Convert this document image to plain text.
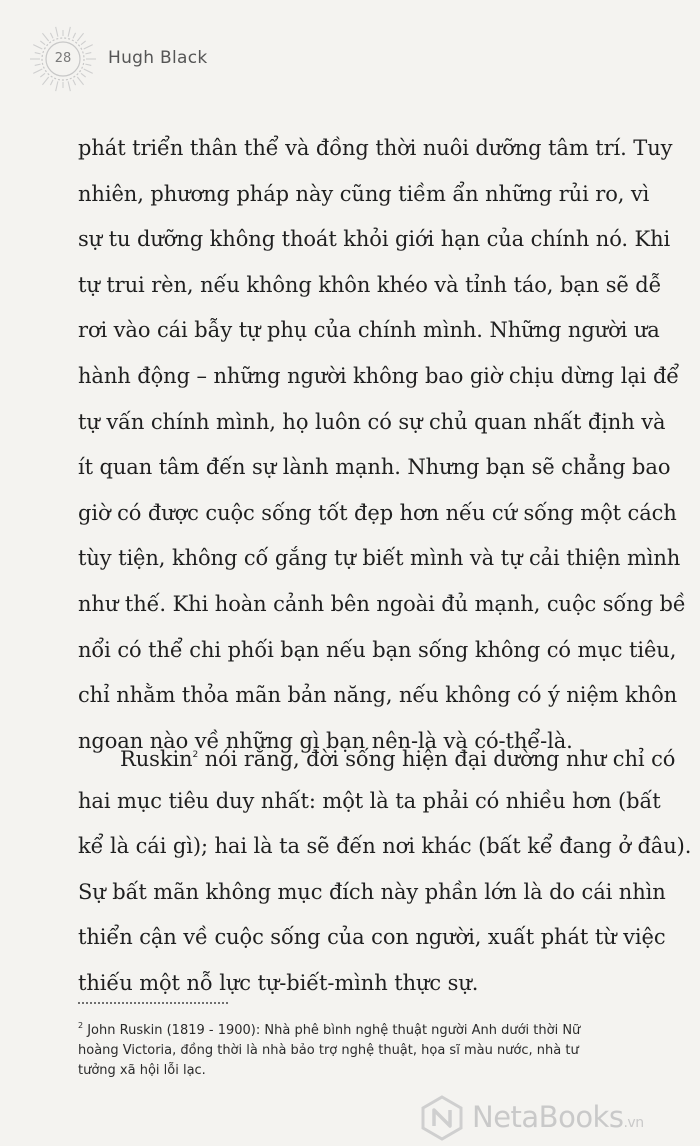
28 Hugh Black
phát triển thân thể và đồng thời nuôi dưỡng tâm trí. Tuy
nhiên, phương pháp này cũng tiềm ẩn những rủi ro, vì
sự tu dưỡng không thoát khỏi giới hạn của chính nó. Khi
tự trui rèn, nếu không khôn khéo và tỉnh táo, bạn sẽ dễ
rơi vào cái bẫy tự phụ của chính mình. Những người ưa
hành động – những người không bao giờ chịu dừng lại để
tự vấn chính mình, họ luôn có sự chủ quan nhất định và
ít quan tâm đến sự lành mạnh. Nhưng bạn sẽ chẳng bao
giờ có được cuộc sống tốt đẹp hơn nếu cứ sống một cách
tùy tiện, không cố gắng tự biết mình và tự cải thiện mình
như thế. Khi hoàn cảnh bên ngoài đủ mạnh, cuộc sống bề
nổi có thể chi phối bạn nếu bạn sống không có mục tiêu,
chỉ nhằm thỏa mãn bản năng, nếu không có ý niệm khôn
ngoan nào về những gì bạn nên-là và có-thể-là.
Ruskin$^2$ nói rằng, đời sống hiện đại dường như chỉ có
hai mục tiêu duy nhất: một là ta phải có nhiều hơn (bất
kể là cái gì); hai là ta sẽ đến nơi khác (bất kể đang ở đâu).
Sự bất mãn không mục đích này phần lớn là do cái nhìn
thiển cận về cuộc sống của con người, xuất phát từ việc
thiếu một nỗ lực tự-biết-mình thực sự.
$^2$ John Ruskin (1819 - 1900): Nhà phê bình nghệ thuật người Anh dưới thời Nữ
hoàng Victoria, đồng thời là nhà bảo trợ nghệ thuật, họa sĩ màu nước, nhà tư
tưởng xã hội lỗi lạc.
NetaBooks.vn
